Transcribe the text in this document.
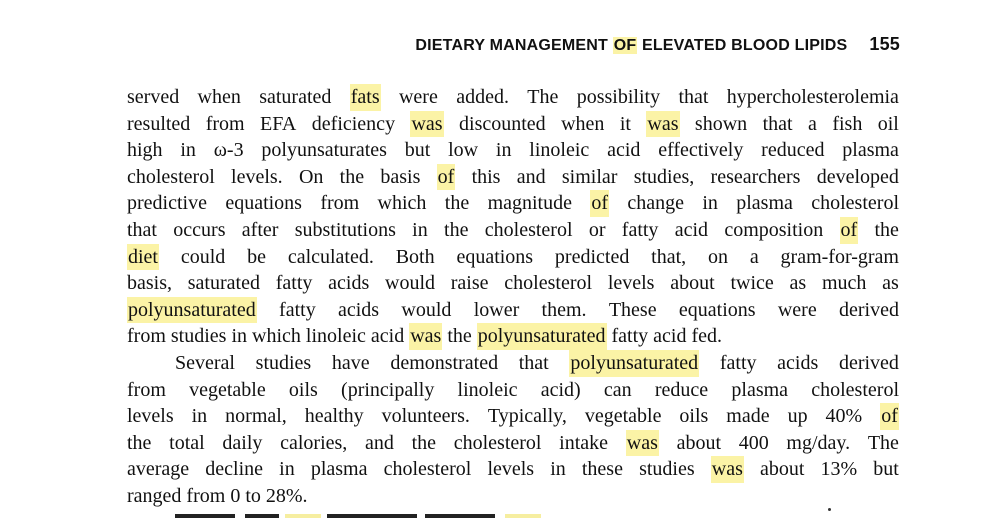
DIETARY MANAGEMENT OF ELEVATED BLOOD LIPIDS 155
served when saturated fats were added. The possibility that hypercholesterolemia
resulted from EFA deficiency was discounted when it was shown that a fish oil
high in ω-3 polyunsaturates but low in linoleic acid effectively reduced plasma
cholesterol levels. On the basis of this and similar studies, researchers developed
predictive equations from which the magnitude of change in plasma cholesterol
that occurs after substitutions in the cholesterol or fatty acid composition of the
diet could be calculated. Both equations predicted that, on a gram-for-gram
basis, saturated fatty acids would raise cholesterol levels about twice as much as
polyunsaturated fatty acids would lower them. These equations were derived
from studies in which linoleic acid was the polyunsaturated fatty acid fed.
Several studies have demonstrated that polyunsaturated fatty acids derived
from vegetable oils (principally linoleic acid) can reduce plasma cholesterol
levels in normal, healthy volunteers. Typically, vegetable oils made up 40% of
the total daily calories, and the cholesterol intake was about 400 mg/day. The
average decline in plasma cholesterol levels in these studies was about 13% but
ranged from 0 to 28%.
